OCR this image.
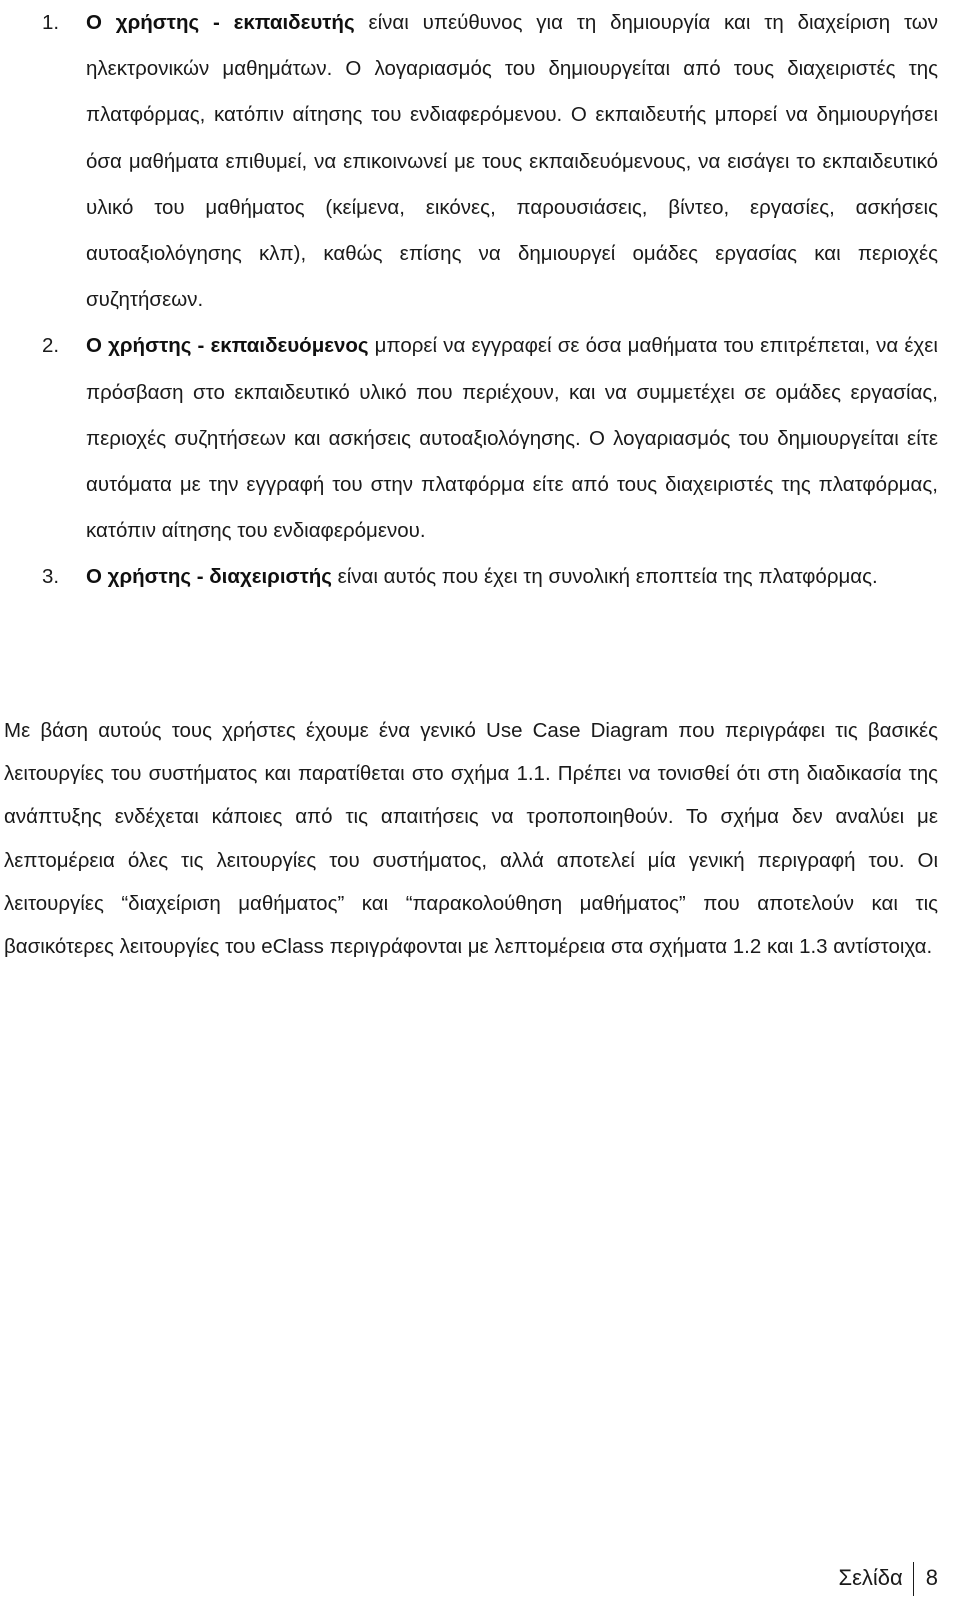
1. Ο χρήστης - εκπαιδευτής είναι υπεύθυνος για τη δημιουργία και τη διαχείριση των ηλεκτρονικών μαθημάτων. Ο λογαριασμός του δημιουργείται από τους διαχειριστές της πλατφόρμας, κατόπιν αίτησης του ενδιαφερόμενου. Ο εκπαιδευτής μπορεί να δημιουργήσει όσα μαθήματα επιθυμεί, να επικοινωνεί με τους εκπαιδευόμενους, να εισάγει το εκπαιδευτικό υλικό του μαθήματος (κείμενα, εικόνες, παρουσιάσεις, βίντεο, εργασίες, ασκήσεις αυτοαξιολόγησης κλπ), καθώς επίσης να δημιουργεί ομάδες εργασίας και περιοχές συζητήσεων.
2. Ο χρήστης - εκπαιδευόμενος μπορεί να εγγραφεί σε όσα μαθήματα του επιτρέπεται, να έχει πρόσβαση στο εκπαιδευτικό υλικό που περιέχουν, και να συμμετέχει σε ομάδες εργασίας, περιοχές συζητήσεων και ασκήσεις αυτοαξιολόγησης. Ο λογαριασμός του δημιουργείται είτε αυτόματα με την εγγραφή του στην πλατφόρμα είτε από τους διαχειριστές της πλατφόρμας, κατόπιν αίτησης του ενδιαφερόμενου.
3. Ο χρήστης - διαχειριστής είναι αυτός που έχει τη συνολική εποπτεία της πλατφόρμας.

Με βάση αυτούς τους χρήστες έχουμε ένα γενικό Use Case Diagram που περιγράφει τις βασικές λειτουργίες του συστήματος και παρατίθεται στο σχήμα 1.1. Πρέπει να τονισθεί ότι στη διαδικασία της ανάπτυξης ενδέχεται κάποιες από τις απαιτήσεις να τροποποιηθούν. Το σχήμα δεν αναλύει με λεπτομέρεια όλες τις λειτουργίες του συστήματος, αλλά αποτελεί μία γενική περιγραφή του. Οι λειτουργίες “διαχείριση μαθήματος” και “παρακολούθηση μαθήματος” που αποτελούν και τις βασικότερες λειτουργίες του eClass περιγράφονται με λεπτομέρεια στα σχήματα 1.2 και 1.3 αντίστοιχα.

Σελίδα 8
